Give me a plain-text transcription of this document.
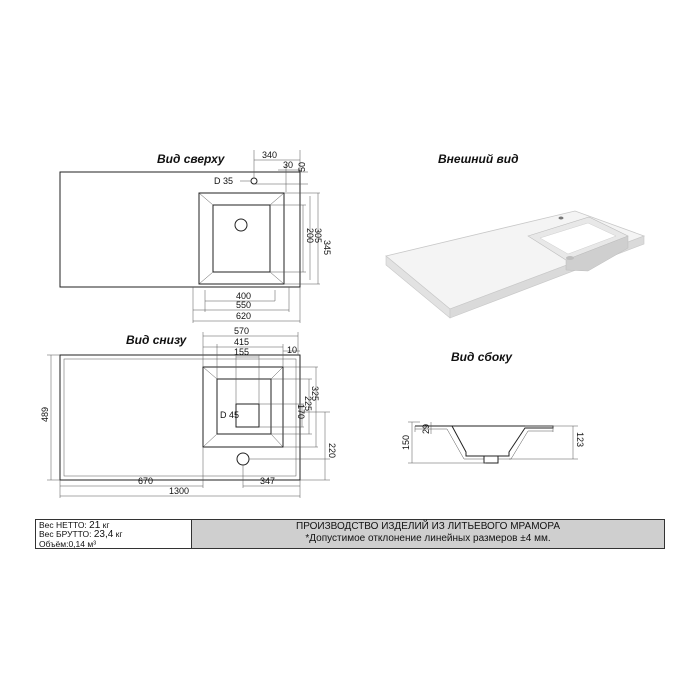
Вид сверху
D 35
340
30 50
345
305
200
400
550
620
Внешний вид
Вид снизу
D 45
570
415
155	10
489
325
225
170
220
670	347
1300
Вид сбоку
150
29
123
Вес НЕТТО: 21 кг
Вес БРУТТО: 23,4 кг
Объём:0,14 м³
ПРОИЗВОДСТВО ИЗДЕЛИЙ ИЗ ЛИТЬЕВОГО МРАМОРА
*Допустимое отклонение линейных размеров ±4 мм.
